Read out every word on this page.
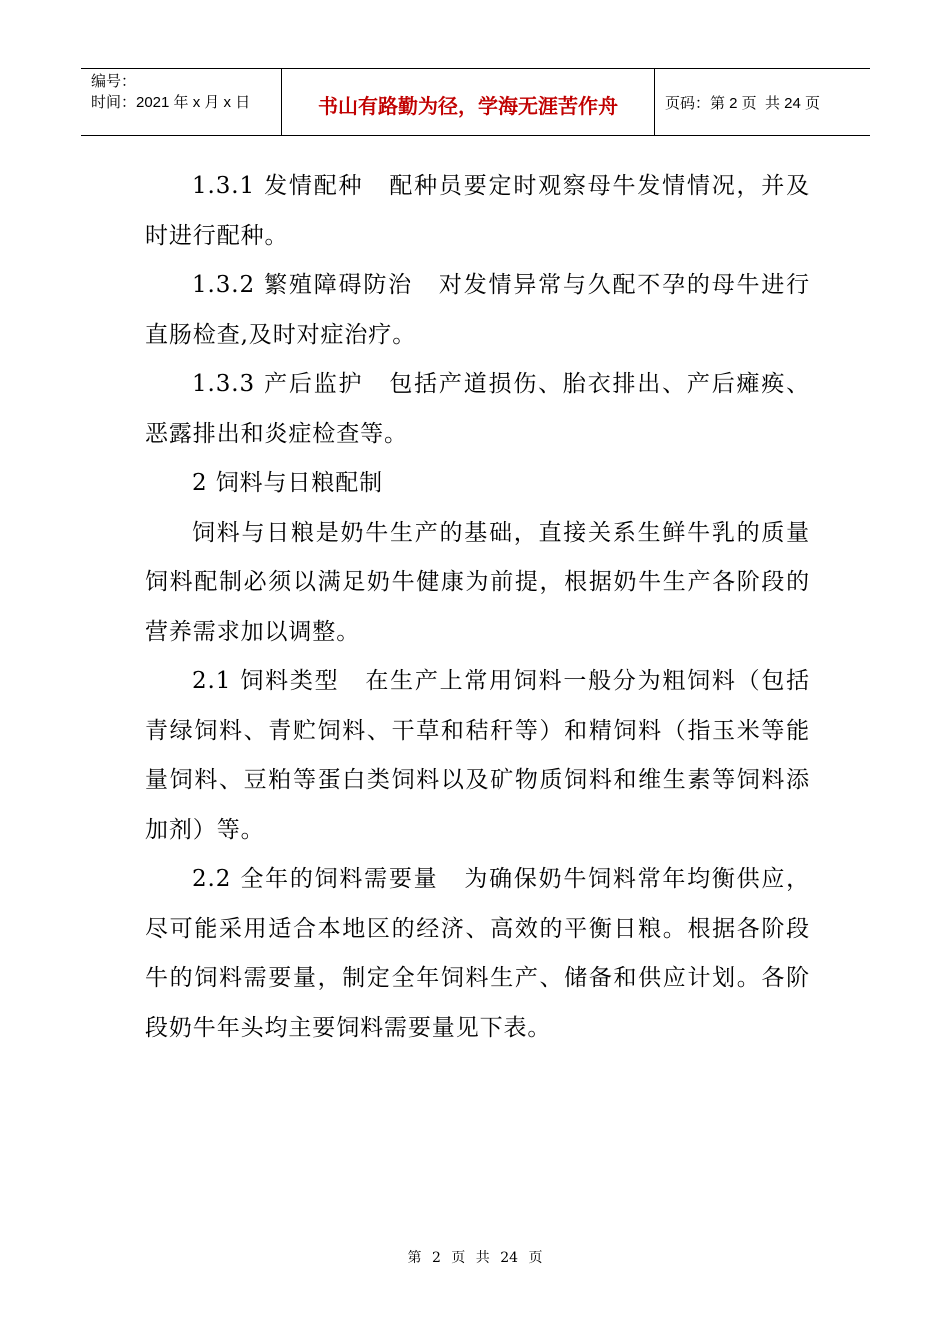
编号：
时间：2021 年 x 月 x 日	书山有路勤为径，学海无涯苦作舟	页码：第 2 页  共 24 页

1.3.1 发情配种 配种员要定时观察母牛发情情况，并及时进行配种。

1.3.2 繁殖障碍防治 对发情异常与久配不孕的母牛进行直肠检查,及时对症治疗。

1.3.3 产后监护 包括产道损伤、胎衣排出、产后瘫痪、恶露排出和炎症检查等。

2 饲料与日粮配制

饲料与日粮是奶牛生产的基础，直接关系生鲜牛乳的质量饲料配制必须以满足奶牛健康为前提，根据奶牛生产各阶段的营养需求加以调整。

2.1 饲料类型 在生产上常用饲料一般分为粗饲料（包括青绿饲料、青贮饲料、干草和秸秆等）和精饲料（指玉米等能量饲料、豆粕等蛋白类饲料以及矿物质饲料和维生素等饲料添加剂）等。

2.2 全年的饲料需要量 为确保奶牛饲料常年均衡供应，尽可能采用适合本地区的经济、高效的平衡日粮。根据各阶段牛的饲料需要量，制定全年饲料生产、储备和供应计划。各阶段奶牛年头均主要饲料需要量见下表。

第 2 页 共 24 页
